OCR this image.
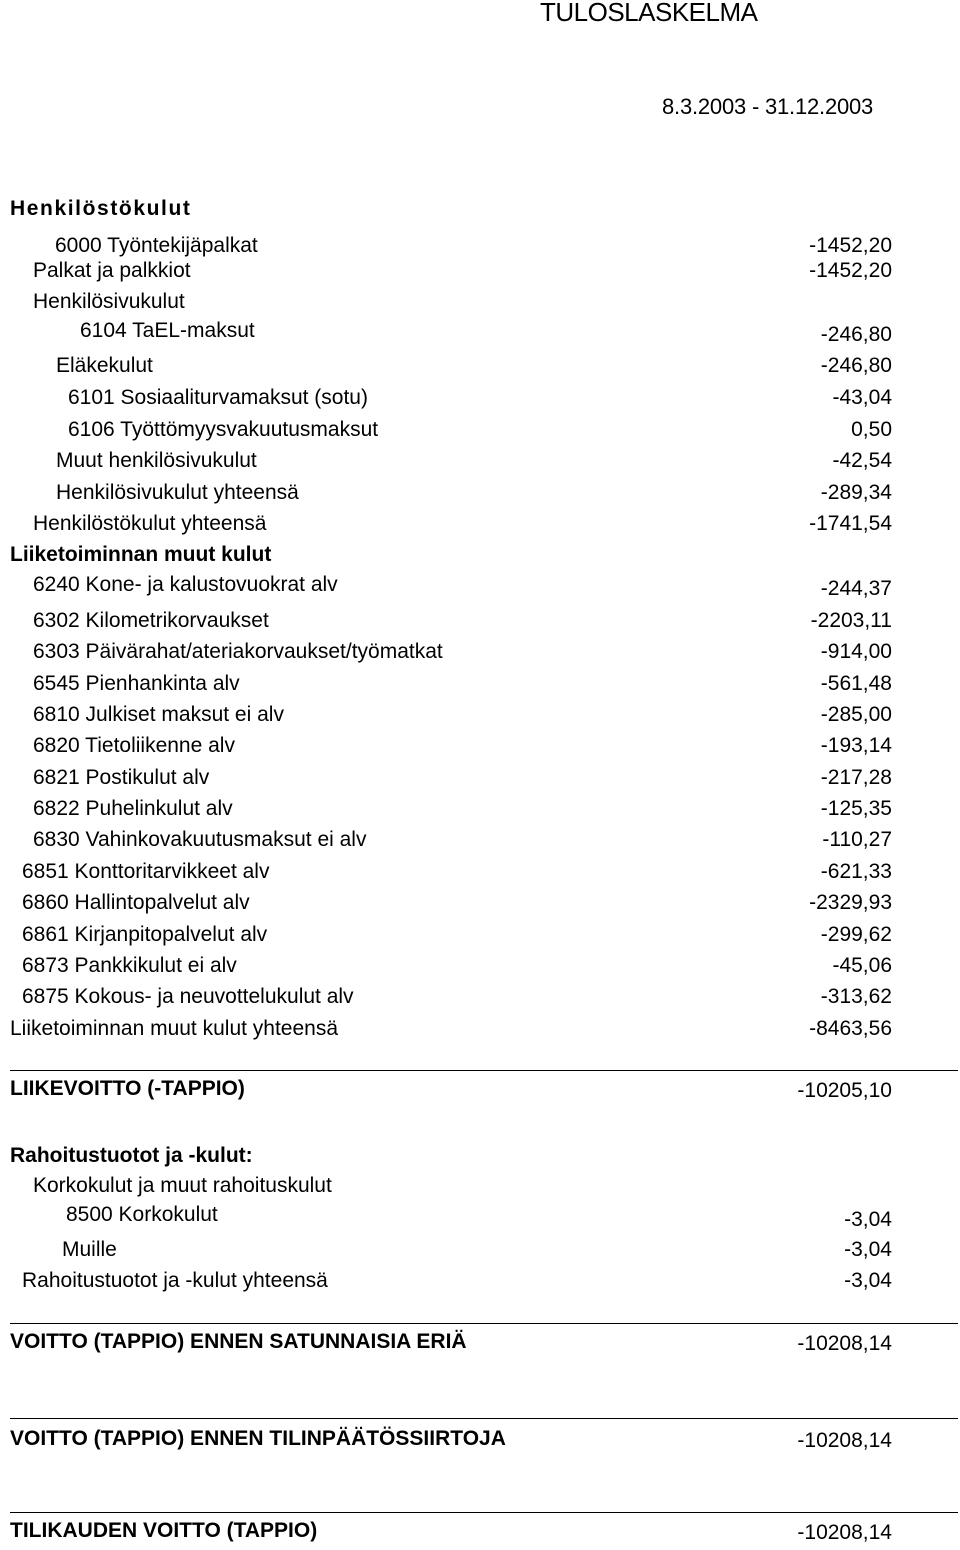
TULOSLASKELMA
8.3.2003 - 31.12.2003
Henkilöstökulut
6000 Työntekijäpalkat	-1452,20
Palkat ja palkkiot	-1452,20
Henkilösivukulut
6104 TaEL-maksut	-246,80
Eläkekulut	-246,80
6101 Sosiaaliturvamaksut (sotu)	-43,04
6106 Työttömyysvakuutusmaksut	0,50
Muut henkilösivukulut	-42,54
Henkilösivukulut yhteensä	-289,34
Henkilöstökulut yhteensä	-1741,54
Liiketoiminnan muut kulut
6240 Kone- ja kalustovuokrat alv	-244,37
6302 Kilometrikorvaukset	-2203,11
6303 Päivärahat/ateriakorvaukset/työmatkat	-914,00
6545 Pienhankinta alv	-561,48
6810 Julkiset maksut ei alv	-285,00
6820 Tietoliikenne alv	-193,14
6821 Postikulut alv	-217,28
6822 Puhelinkulut alv	-125,35
6830 Vahinkovakuutusmaksut ei alv	-110,27
6851 Konttoritarvikkeet alv	-621,33
6860 Hallintopalvelut alv	-2329,93
6861 Kirjanpitopalvelut alv	-299,62
6873 Pankkikulut ei alv	-45,06
6875 Kokous- ja neuvottelukulut alv	-313,62
Liiketoiminnan muut kulut yhteensä	-8463,56
LIIKEVOITTO (-TAPPIO)	-10205,10
Rahoitustuotot ja -kulut:
Korkokulut ja muut rahoituskulut
8500 Korkokulut	-3,04
Muille	-3,04
Rahoitustuotot ja -kulut yhteensä	-3,04
VOITTO (TAPPIO) ENNEN SATUNNAISIA ERIÄ	-10208,14
VOITTO (TAPPIO) ENNEN TILINPÄÄTÖSSIIRTOJA	-10208,14
TILIKAUDEN VOITTO (TAPPIO)	-10208,14
